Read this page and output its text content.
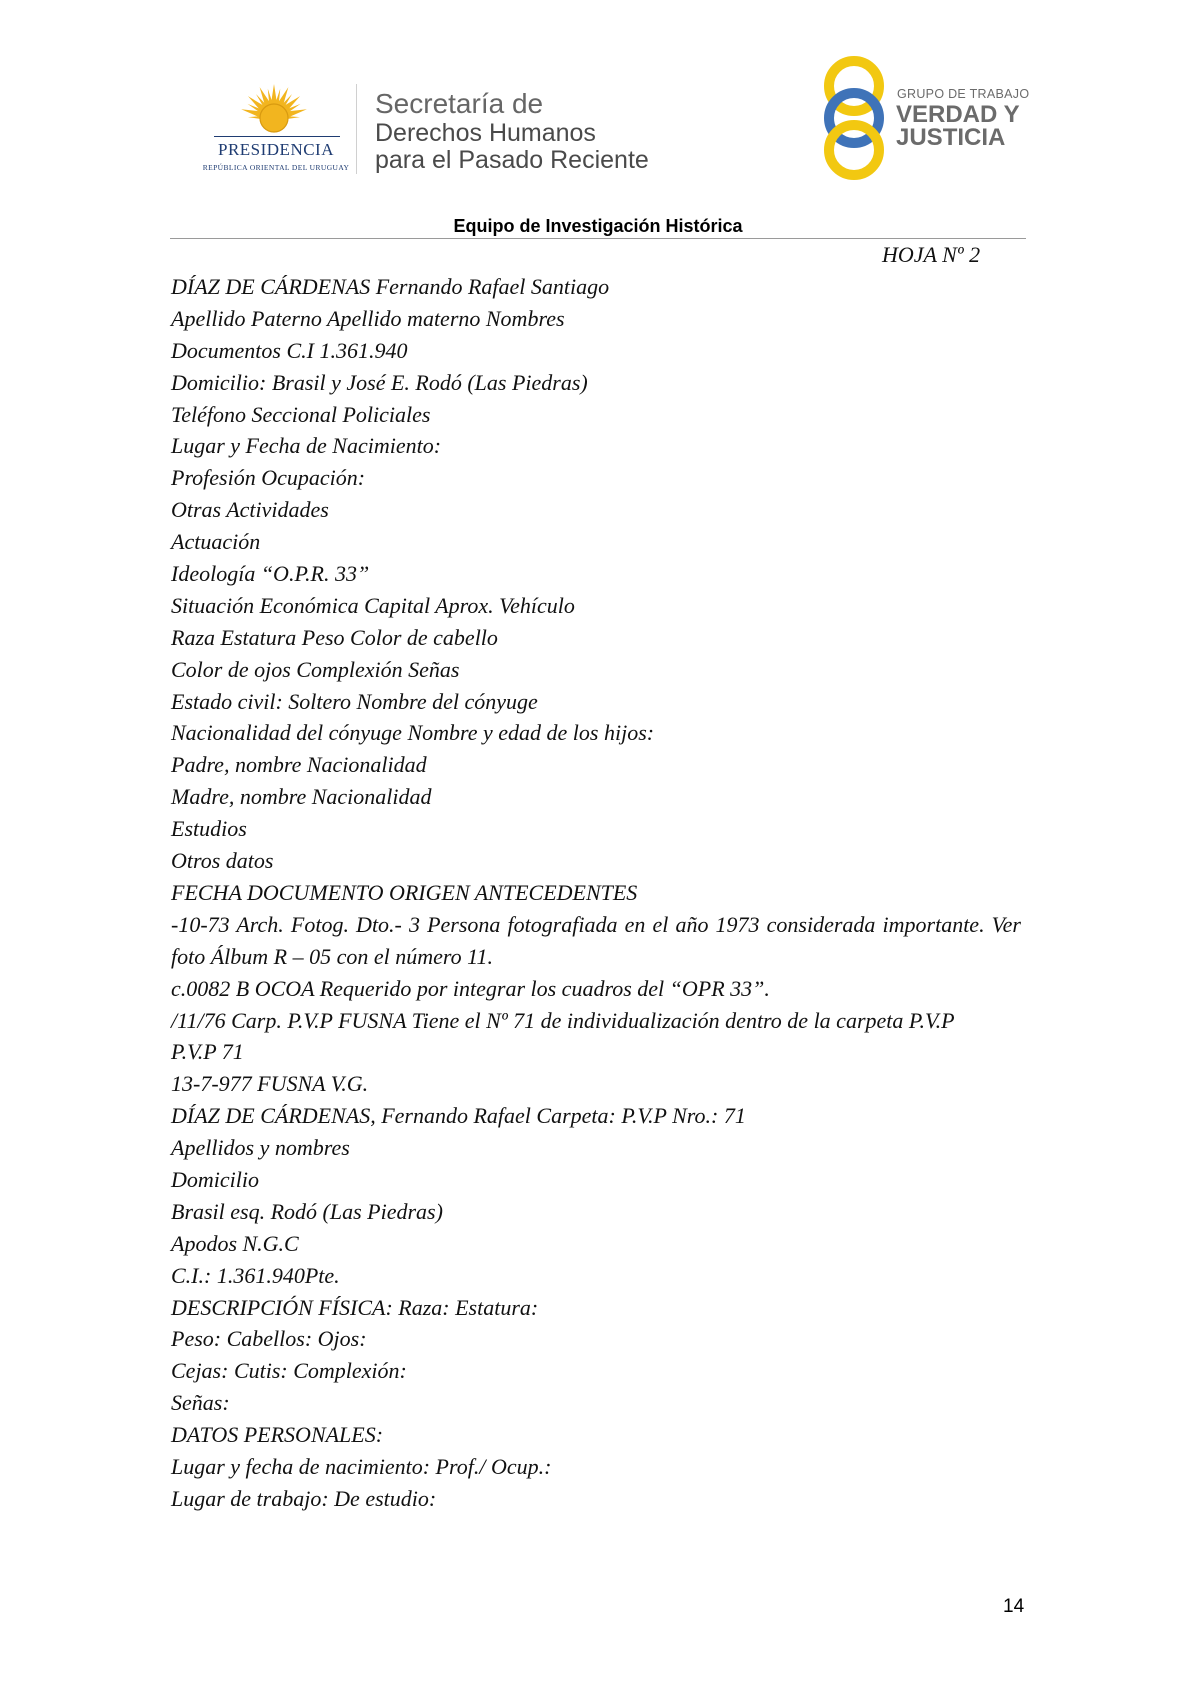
PRESIDENCIA
REPÚBLICA ORIENTAL DEL URUGUAY
Secretaría de
Derechos Humanos
para el Pasado Reciente
GRUPO DE TRABAJO
VERDAD Y
JUSTICIA
Equipo de Investigación Histórica
HOJA Nº 2
DÍAZ DE CÁRDENAS Fernando Rafael Santiago
Apellido Paterno Apellido materno Nombres
Documentos C.I 1.361.940
Domicilio: Brasil y José E. Rodó (Las Piedras)
Teléfono Seccional Policiales
Lugar y Fecha de Nacimiento:
Profesión Ocupación:
Otras Actividades
Actuación
Ideología “O.P.R. 33”
Situación Económica Capital Aprox. Vehículo
Raza Estatura Peso Color de cabello
Color de ojos Complexión Señas
Estado civil: Soltero Nombre del cónyuge
Nacionalidad del cónyuge Nombre y edad de los hijos:
Padre, nombre Nacionalidad
Madre, nombre Nacionalidad
Estudios
Otros datos
FECHA DOCUMENTO ORIGEN ANTECEDENTES
-10-73 Arch. Fotog. Dto.- 3 Persona fotografiada en el año 1973 considerada importante. Ver foto Álbum R – 05 con el número 11.
c.0082 B OCOA Requerido por integrar los cuadros del “OPR 33”.
/11/76 Carp. P.V.P FUSNA Tiene el Nº 71 de individualización dentro de la carpeta P.V.P
P.V.P 71
13-7-977 FUSNA V.G.
DÍAZ DE CÁRDENAS, Fernando Rafael Carpeta: P.V.P Nro.: 71
Apellidos y nombres
Domicilio
Brasil esq. Rodó (Las Piedras)
Apodos N.G.C
C.I.: 1.361.940Pte.
DESCRIPCIÓN FÍSICA: Raza: Estatura:
Peso: Cabellos: Ojos:
Cejas: Cutis: Complexión:
Señas:
DATOS PERSONALES:
Lugar y fecha de nacimiento: Prof./ Ocup.:
Lugar de trabajo: De estudio:
14
